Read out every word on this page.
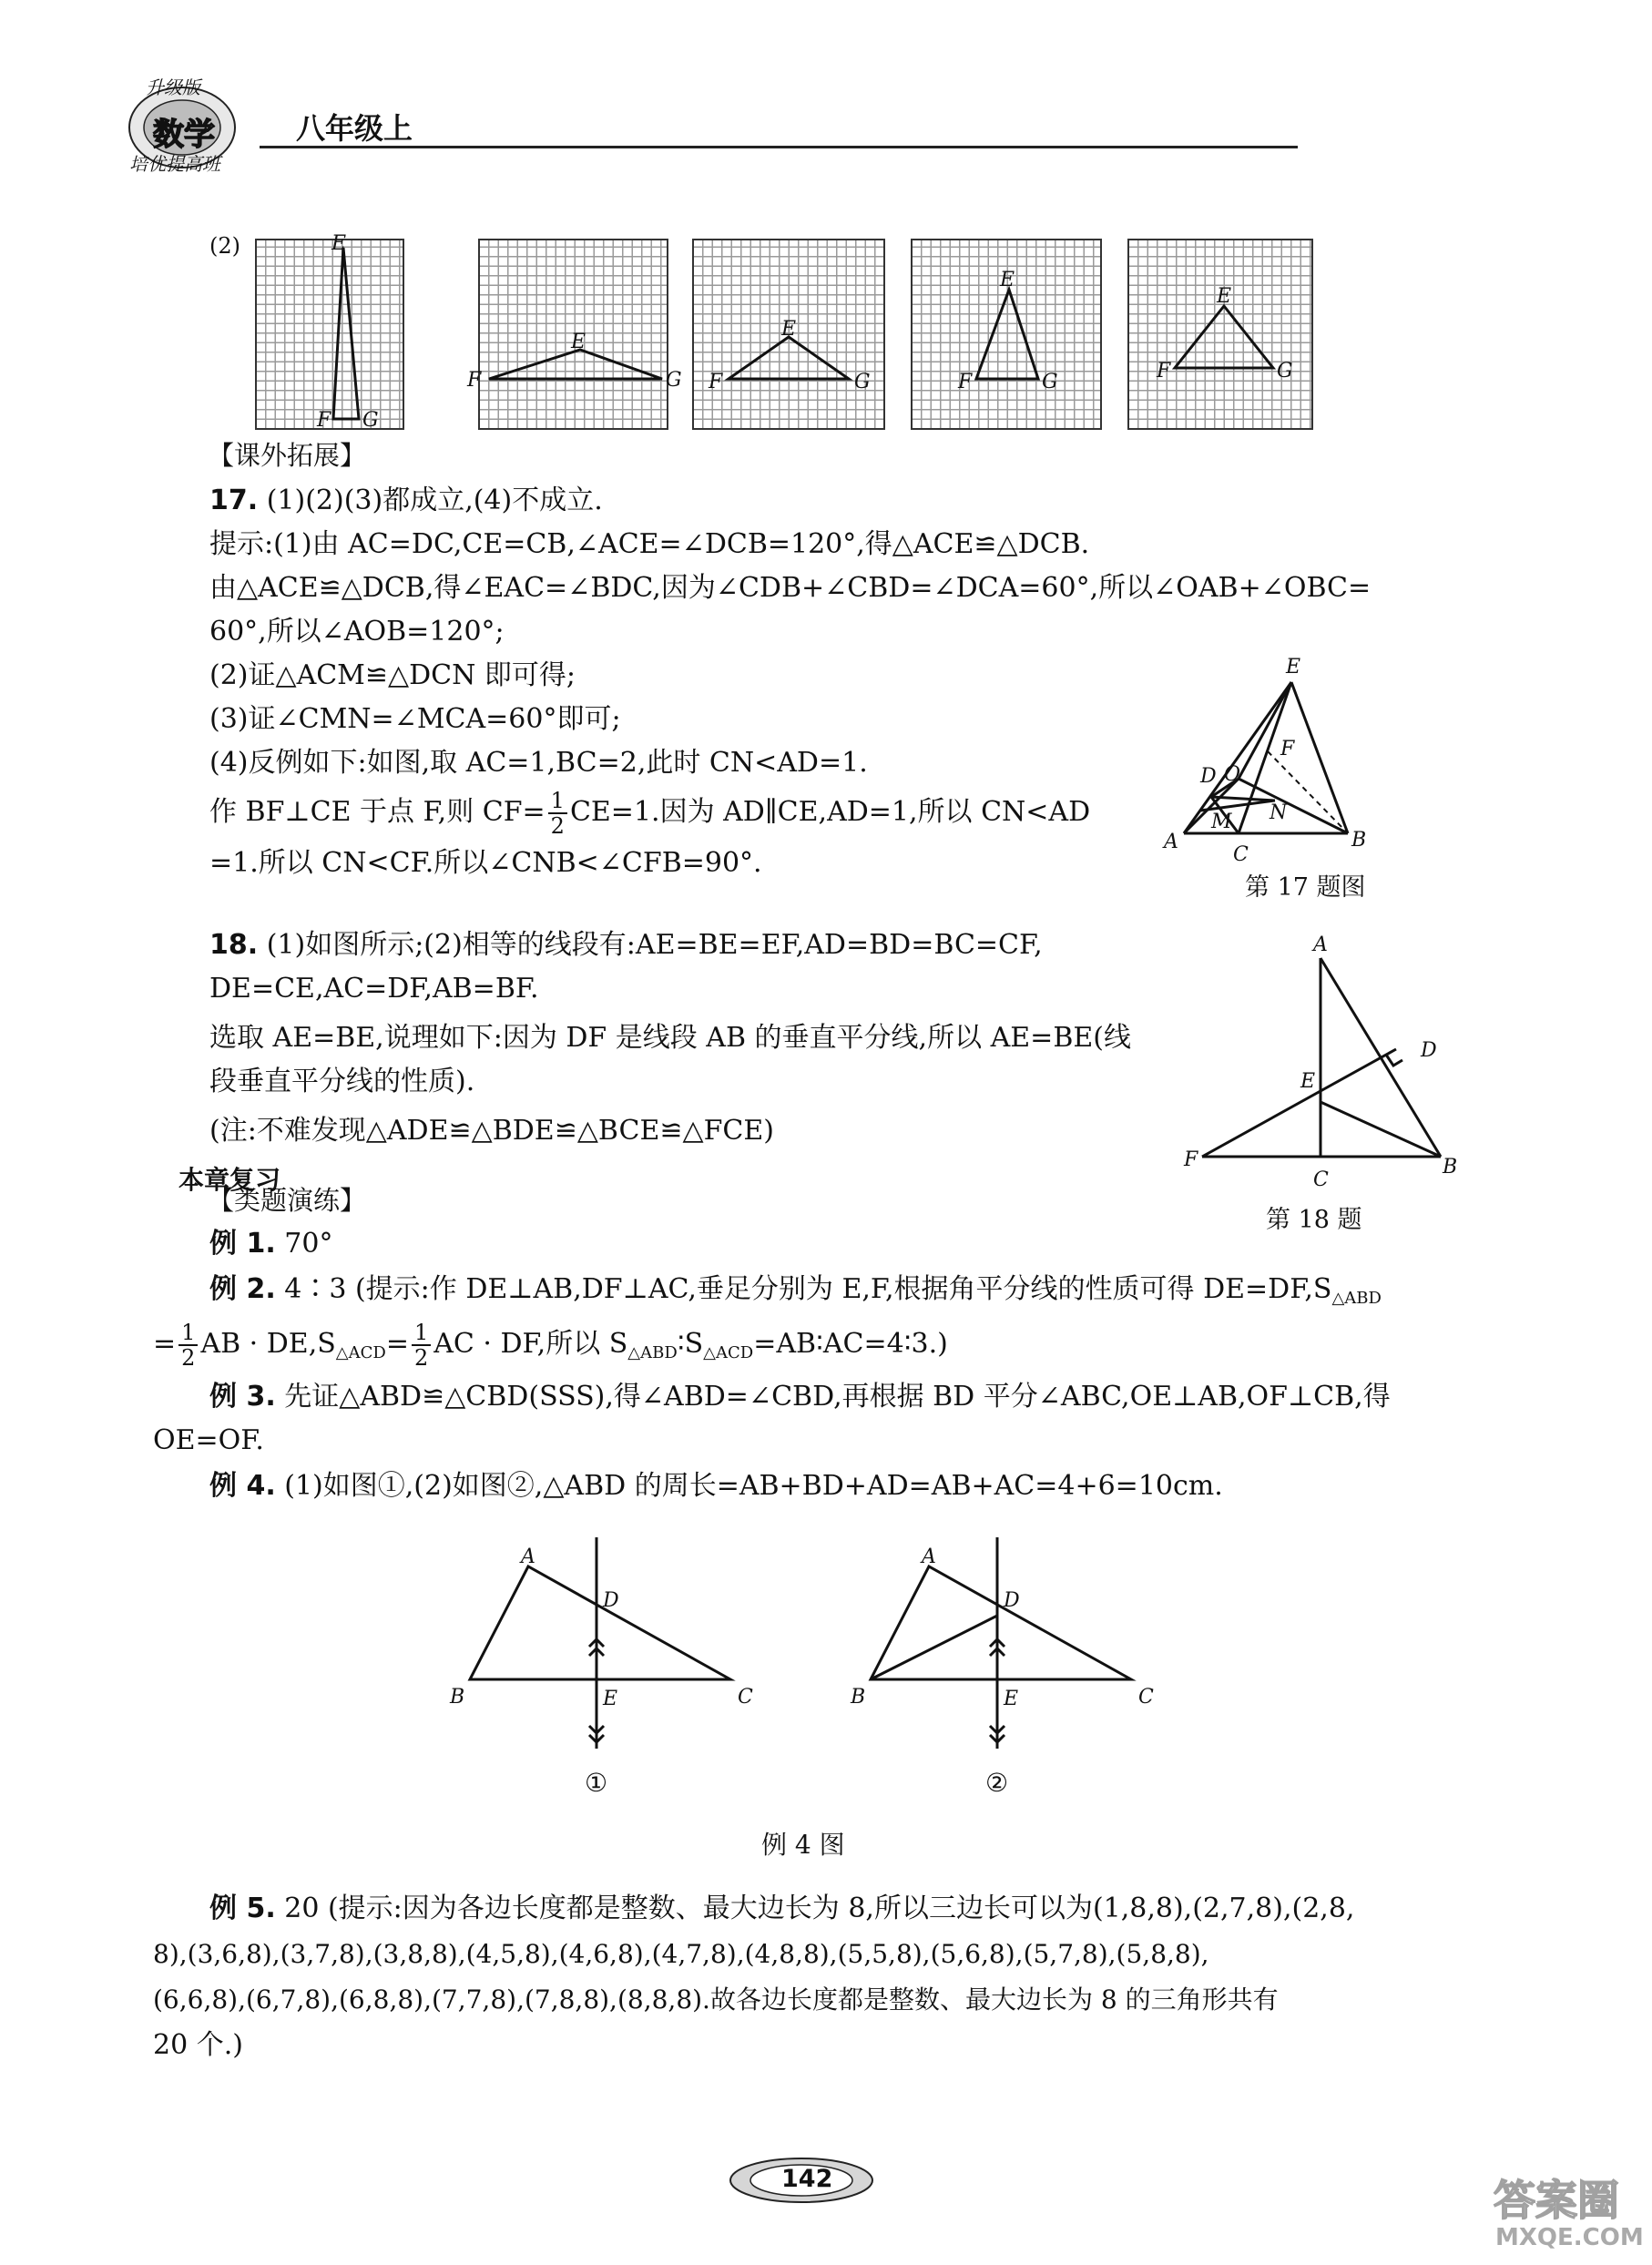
升级版
数学
培优提高班
八年级上
(2)	E
F G
E
F	G
E
F	G
E
F	G
E
F	G
【课外拓展】
17. (1)(2)(3)都成立,(4)不成立.
提示:(1)由 AC=DC,CE=CB,∠ACE=∠DCB=120°,得△ACE≌△DCB.
由△ACE≌△DCB,得∠EAC=∠BDC,因为∠CDB+∠CBD=∠DCA=60°,所以∠OAB+∠OBC=
60°,所以∠AOB=120°;
(2)证△ACM≌△DCN 即可得;
(3)证∠CMN=∠MCA=60°即可;
(4)反例如下:如图,取 AC=1,BC=2,此时 CN<AD=1.
作 BF⊥CE 于点 F,则 $CF= \frac{1}{2} CE=1$.因为 AD∥CE,AD=1,所以 CN<AD
=1.所以 CN<CF.所以∠CNB<∠CFB=90°.
E
F
D O
M N
A
C
B
第 17 题图
18. (1)如图所示;(2)相等的线段有:AE=BE=EF,AD=BD=BC=CF,
DE=CE,AC=DF,AB=BF.
选取 AE=BE,说理如下:因为 DF 是线段 AB 的垂直平分线,所以 AE=BE(线
段垂直平分线的性质).
(注:不难发现△ADE≌△BDE≌△BCE≌△FCE)
A
D
E
F
C
B
第 18 题
本章复习
【类题演练】
例 1. 70°
例 2. 4∶3 (提示:作 DE⊥AB,DF⊥AC,垂足分别为 E,F,根据角平分线的性质可得 $DE=DF,S_{\triangle ABD}$
= $\frac{1}{2}$ AB · $DE,S_{\triangle ACD}= \frac{1}{2}$ AC · DF,所以 $S_{\triangle ABD}∶S_{\triangle ACD}=AB∶AC=4∶3$.)
例 3. 先证△ABD≌△CBD(SSS),得∠ABD=∠CBD,再根据 BD 平分∠ABC,OE⊥AB,OF⊥CB,得
OE=OF.
例 4. (1)如图①,(2)如图②,△ABD 的周长=AB+BD+AD=AB+AC=4+6=10cm.
A
D
B	E	C
①
A
D
B	E	C
②
例 4 图
例 5. 20 (提示:因为各边长度都是整数、最大边长为 8,所以三边长可以为(1,8,8),(2,7,8),(2,8,
8),(3,6,8),(3,7,8),(3,8,8),(4,5,8),(4,6,8),(4,7,8),(4,8,8),(5,5,8),(5,6,8),(5,7,8),(5,8,8),
(6,6,8),(6,7,8),(6,8,8),(7,7,8),(7,8,8),(8,8,8).故各边长度都是整数、最大边长为 8 的三角形共有
20 个.)
142	答案圈
MXQE.COM
